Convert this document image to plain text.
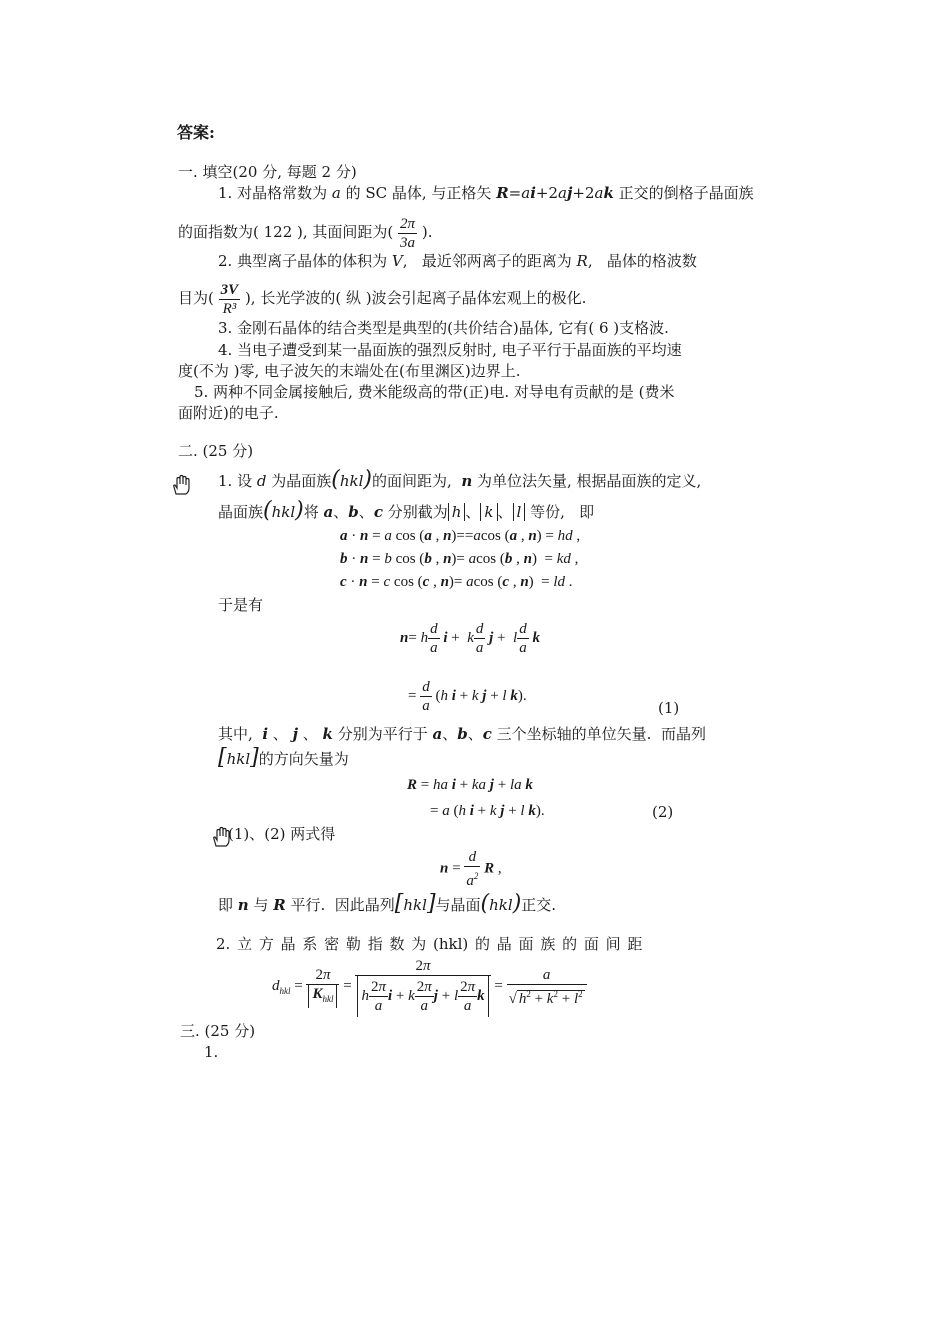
答案:
一. 填空(20 分, 每题 2 分)
1. 对晶格常数为 a 的 SC 晶体, 与正格矢 R=ai+2aj+2ak 正交的倒格子晶面族
的面指数为( 122 ), 其面间距为( $\frac{2\pi}{3a}$ ).
2. 典型离子晶体的体积为 V,   最近邻两离子的距离为 R,   晶体的格波数
目为( $\frac{3V}{\text{R³}}$ ), 长光学波的( 纵 )波会引起离子晶体宏观上的极化.
3. 金刚石晶体的结合类型是典型的(共价结合)晶体, 它有( 6 )支格波.
4. 当电子遭受到某一晶面族的强烈反射时, 电子平行于晶面族的平均速
度(不为 )零, 电子波矢的末端处在(布里渊区)边界上.
5. 两种不同金属接触后, 费米能级高的带(正)电. 对导电有贡献的是 (费米
面附近)的电子.
二. (25 分)
1. 设 d 为晶面族(hkl)的面间距为,  n 为单位法矢量, 根据晶面族的定义,
晶面族(hkl)将 a、b、c 分别截为 h 、 k 、 l 等份,   即
a · n = a cos (a , n)==acos (a , n) = hd ,
b · n = b cos (b , n)= acos (b , n)  = kd ,
c · n = c cos (c , n)= acos (c , n)  = ld .
于是有
n= h $\frac{d}{a}$ i +  k $\frac{d}{a}$ j +  l $\frac{d}{a}$ k
= $\frac{d}{a} (h$ i + k j + l k).
(1)
其中,  i 、 j 、 k 分别为平行于 a、b、c 三个坐标轴的单位矢量.  而晶列
[hkl]的方向矢量为
R = ha i + ka j + la k
= a (h i + k j + l k).	(2)
(1)、(2) 两式得
$n = \frac{d}{a^2}$ R ,
即 n 与 R 平行.  因此晶列[hkl]与晶面(hkl)正交.
2. 立 方 晶 系 密 勒 指 数 为 (hkl) 的 晶 面 族 的 面 间 距
$d_{hkl} = \frac{2\pi}{K_{hkl}} = \frac{2\pi}{h \frac{2\pi}{a} i + k \frac{2\pi}{a} j + l \frac{2\pi}{a} k} = \frac{a}{√ h^2 + k^2 + l^2}$
三. (25 分)
1.
